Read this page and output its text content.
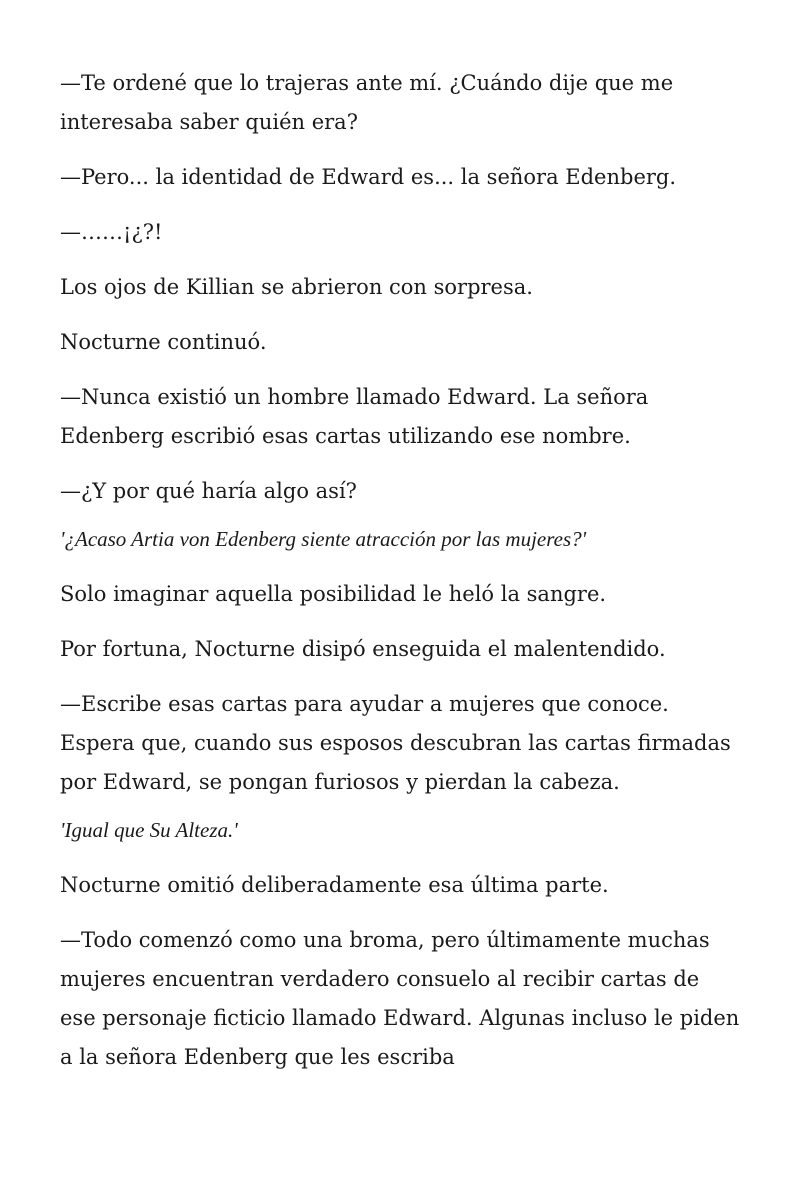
—Te ordené que lo trajeras ante mí. ¿Cuándo dije que me interesaba saber quién era?

—Pero... la identidad de Edward es... la señora Edenberg.

—……¡¿?!

Los ojos de Killian se abrieron con sorpresa.

Nocturne continuó.

—Nunca existió un hombre llamado Edward. La señora Edenberg escribió esas cartas utilizando ese nombre.

—¿Y por qué haría algo así?

'¿Acaso Artia von Edenberg siente atracción por las mujeres?'

Solo imaginar aquella posibilidad le heló la sangre.

Por fortuna, Nocturne disipó enseguida el malentendido.

—Escribe esas cartas para ayudar a mujeres que conoce. Espera que, cuando sus esposos descubran las cartas firmadas por Edward, se pongan furiosos y pierdan la cabeza.

'Igual que Su Alteza.'

Nocturne omitió deliberadamente esa última parte.

—Todo comenzó como una broma, pero últimamente muchas mujeres encuentran verdadero consuelo al recibir cartas de ese personaje ficticio llamado Edward. Algunas incluso le piden a la señora Edenberg que les escriba
